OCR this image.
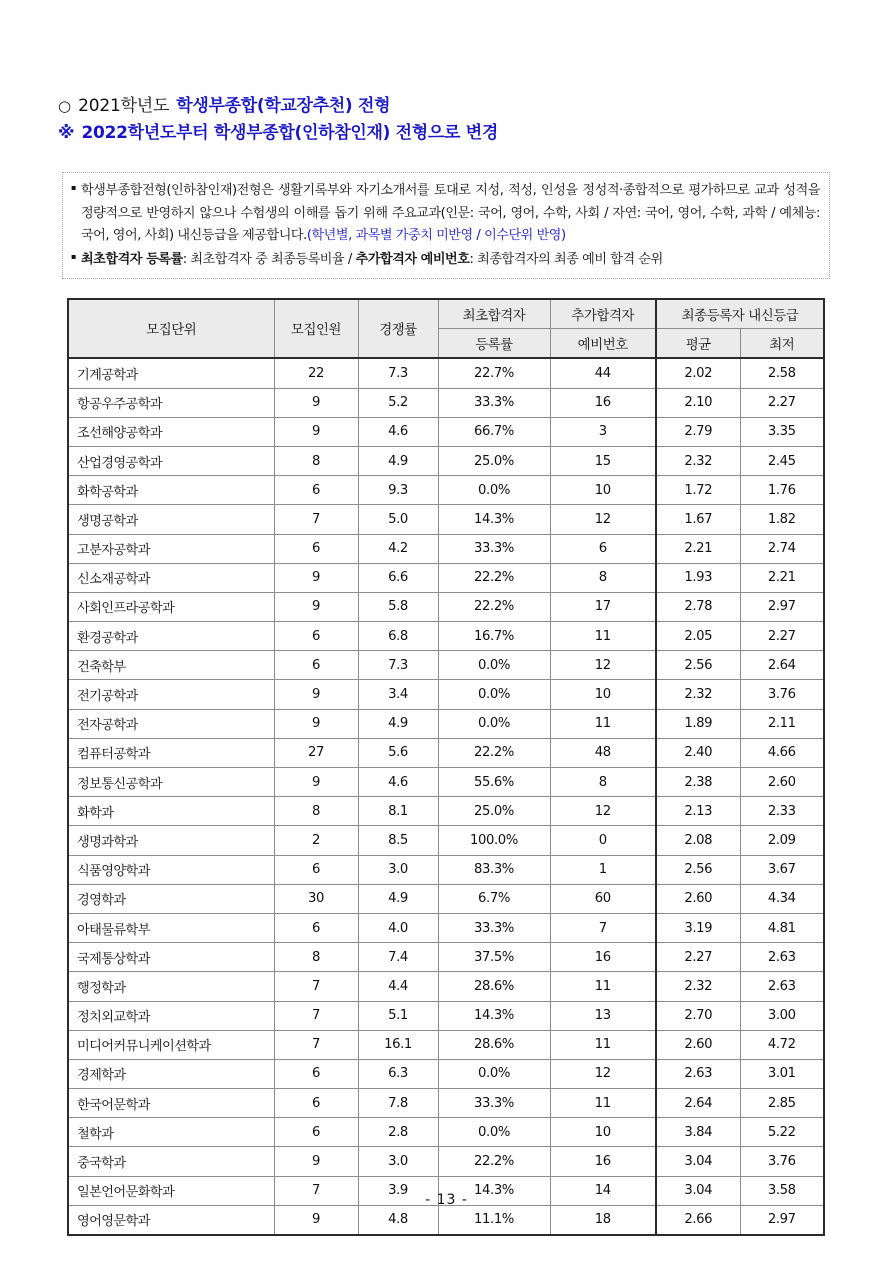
○ 2021학년도 학생부종합(학교장추천) 전형
※ 2022학년도부터 학생부종합(인하참인재) 전형으로 변경
▪ 학생부종합전형(인하참인재)전형은 생활기록부와 자기소개서를 토대로 지성, 적성, 인성을 정성적·종합적으로 평가하므로 교과 성적을 정량적으로 반영하지 않으나 수험생의 이해를 돕기 위해 주요교과(인문: 국어, 영어, 수학, 사회 / 자연: 국어, 영어, 수학, 과학 / 예체능: 국어, 영어, 사회) 내신등급을 제공합니다.(학년별, 과목별 가중치 미반영 / 이수단위 반영)
▪ 최초합격자 등록률: 최초합격자 중 최종등록비율 / 추가합격자 예비번호: 최종합격자의 최종 예비 합격 순위
모집단위	모집인원	경쟁률	최초합격자	추가합격자	최종등록자 내신등급	
			등록률	예비번호	평균	최저
기계공학과	22	7.3	22.7%	44	2.02	2.58
항공우주공학과	9	5.2	33.3%	16	2.10	2.27
조선해양공학과	9	4.6	66.7%	3	2.79	3.35
산업경영공학과	8	4.9	25.0%	15	2.32	2.45
화학공학과	6	9.3	0.0%	10	1.72	1.76
생명공학과	7	5.0	14.3%	12	1.67	1.82
고분자공학과	6	4.2	33.3%	6	2.21	2.74
신소재공학과	9	6.6	22.2%	8	1.93	2.21
사회인프라공학과	9	5.8	22.2%	17	2.78	2.97
환경공학과	6	6.8	16.7%	11	2.05	2.27
건축학부	6	7.3	0.0%	12	2.56	2.64
전기공학과	9	3.4	0.0%	10	2.32	3.76
전자공학과	9	4.9	0.0%	11	1.89	2.11
컴퓨터공학과	27	5.6	22.2%	48	2.40	4.66
정보통신공학과	9	4.6	55.6%	8	2.38	2.60
화학과	8	8.1	25.0%	12	2.13	2.33
생명과학과	2	8.5	100.0%	0	2.08	2.09
식품영양학과	6	3.0	83.3%	1	2.56	3.67
경영학과	30	4.9	6.7%	60	2.60	4.34
아태물류학부	6	4.0	33.3%	7	3.19	4.81
국제통상학과	8	7.4	37.5%	16	2.27	2.63
행정학과	7	4.4	28.6%	11	2.32	2.63
정치외교학과	7	5.1	14.3%	13	2.70	3.00
미디어커뮤니케이션학과	7	16.1	28.6%	11	2.60	4.72
경제학과	6	6.3	0.0%	12	2.63	3.01
한국어문학과	6	7.8	33.3%	11	2.64	2.85
철학과	6	2.8	0.0%	10	3.84	5.22
중국학과	9	3.0	22.2%	16	3.04	3.76
일본언어문화학과	7	3.9	14.3%	14	3.04	3.58
영어영문학과	9	4.8	11.1%	18	2.66	2.97
- 13 -
